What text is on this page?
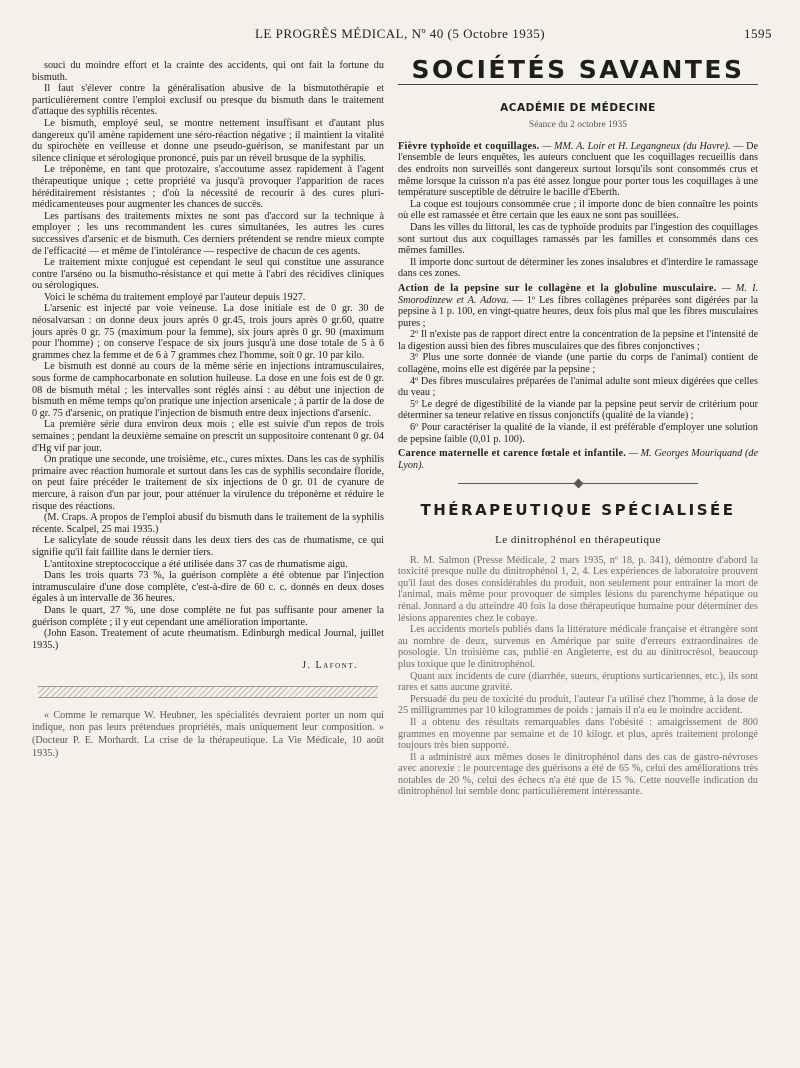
LE PROGRÈS MÉDICAL, Nº 40 (5 Octobre 1935)	1595

souci du moindre effort et la crainte des accidents, qui ont fait la fortune du bismuth.

Il faut s'élever contre la généralisation abusive de la bismutothérapie et particulièrement contre l'emploi exclusif ou presque du bismuth dans le traitement d'attaque des syphilis récentes.

Le bismuth, employé seul, se montre nettement insuffisant et d'autant plus dangereux qu'il amène rapidement une séro-réaction négative ; il maintient la vitalité du spirochète en veilleuse et donne une pseudo-guérison, se manifestant par un silence clinique et sérologique prononcé, puis par un réveil brusque de la syphilis.

Le tréponème, en tant que protozaire, s'accoutume assez rapidement à l'agent thérapeutique unique ; cette propriété va jusqu'à provoquer l'apparition de races héréditairement résistantes ; d'où la nécessité de recourir à des cures pluri-médicamenteuses pour augmenter les chances de succès.

Les partisans des traitements mixtes ne sont pas d'accord sur la technique à employer ; les uns recommandent les cures simultanées, les autres les cures successives d'arsenic et de bismuth. Ces derniers prétendent se rendre mieux compte de l'efficacité — et même de l'intolérance — respective de chacun de ces agents.

Le traitement mixte conjugué est cependant le seul qui constitue une assurance contre l'arséno ou la bismutho-résistance et qui mette à l'abri des récidives cliniques ou sérologiques.

Voici le schéma du traitement employé par l'auteur depuis 1927.

L'arsenic est injecté par voie veineuse. La dose initiale est de 0 gr. 30 de néosalvarsan : on donne deux jours après 0 gr.45, trois jours après 0 gr.60, quatre jours après 0 gr. 75 (maximum pour la femme), six jours après 0 gr. 90 (maximum pour l'homme) ; on conserve l'espace de six jours jusqu'à une dose totale de 5 à 6 grammes chez la femme et de 6 à 7 grammes chez l'homme, soit 0 gr. 10 par kilo.

Le bismuth est donné au cours de la même série en injections intramusculaires, sous forme de camphocarbonate en solution huileuse. La dose en une fois est de 0 gr. 08 de bismuth métal ; les intervalles sont réglés ainsi : au début une injection de bismuth en même temps qu'on pratique une injection arsenicale ; à partir de la dose de 0 gr. 75 d'arsenic, on pratique l'injection de bismuth entre deux injections d'arsenic.

La première série dura environ deux mois ; elle est suivie d'un repos de trois semaines ; pendant la deuxième semaine on prescrit un suppositoire contenant 0 gr. 04 d'Hg vif par jour.

On pratique une seconde, une troisième, etc., cures mixtes. Dans les cas de syphilis primaire avec réaction humorale et surtout dans les cas de syphilis secondaire floride, on peut faire précéder le traitement de six injections de 0 gr. 01 de cyanure de mercure, à raison d'un par jour, pour atténuer la virulence du tréponème et réduire le risque des réactions.

(M. Craps. A propos de l'emploi abusif du bismuth dans le traitement de la syphilis récente. Scalpel, 25 mai 1935.)

Le salicylate de soude réussit dans les deux tiers des cas de rhumatisme, ce qui signifie qu'il fait faillite dans le dernier tiers.

L'antitoxine streptococcique a été utilisée dans 37 cas de rhumatisme aigu.

Dans les trois quarts 73 %, la guérison complète a été obtenue par l'injection intramusculaire d'une dose complète, c'est-à-dire de 60 c. c. donnés en deux doses égales à un intervalle de 36 heures.

Dans le quart, 27 %, une dose complète ne fut pas suffisante pour amener la guérison complète ; il y eut cependant une amélioration importante.

(John Eason. Treatement of acute rheumatism. Edinburgh medical Journal, juillet 1935.)

J. Lafont.

« Comme le remarque W. Heubner, les spécialités devraient porter un nom qui indique, non pas leurs prétendues propriétés, mais uniquement leur composition. » (Docteur P. E. Morhardt. La crise de la thérapeutique. La Vie Médicale, 10 août 1935.)

SOCIÉTÉS SAVANTES
ACADÉMIE DE MÉDECINE
Séance du 2 octobre 1935

Fièvre typhoïde et coquillages. — MM. A. Loir et H. Legangneux (du Havre). — De l'ensemble de leurs enquêtes, les auteurs concluent que les coquillages recueillis dans des endroits non surveillés sont dangereux surtout lorsqu'ils sont consommés crus et même lorsque la cuisson n'a pas été assez longue pour porter tous les coquillages à une température susceptible de détruire le bacille d'Eberth.

La coque est toujours consommée crue ; il importe donc de bien connaître les points où elle est ramassée et être certain que les eaux ne sont pas souillées.

Dans les villes du littoral, les cas de typhoïde produits par l'ingestion des coquillages sont surtout dus aux coquillages ramassés par les familles et consommés dans ces mêmes familles.

Il importe donc surtout de déterminer les zones insalubres et d'interdire le ramassage dans ces zones.

Action de la pepsine sur le collagène et la globuline musculaire. — M. I. Smorodinzew et A. Adova. — 1º Les fibres collagènes préparées sont digérées par la pepsine à 1 p. 100, en vingt-quatre heures, deux fois plus mal que les fibres musculaires pures ;

2º Il n'existe pas de rapport direct entre la concentration de la pepsine et l'intensité de la digestion aussi bien des fibres musculaires que des fibres conjonctives ;

3º Plus une sorte donnée de viande (une partie du corps de l'animal) contient de collagène, moins elle est digérée par la pepsine ;

4º Des fibres musculaires préparées de l'animal adulte sont mieux digérées que celles du veau ;

5º Le degré de digestibilité de la viande par la pepsine peut servir de critérium pour déterminer sa teneur relative en tissus conjonctifs (qualité de la viande) ;

6º Pour caractériser la qualité de la viande, il est préférable d'employer une solution de pepsine faible (0,01 p. 100).

Carence maternelle et carence fœtale et infantile. — M. Georges Mouriquand (de Lyon).

THÉRAPEUTIQUE SPÉCIALISÉE
Le dinitrophénol en thérapeutique

R. M. Salmon (Presse Médicale, 2 mars 1935, nº 18, p. 341), démontre d'abord la toxicité presque nulle du dinitrophénol 1, 2, 4. Les expériences de laboratoire prouvent qu'il faut des doses considérables du produit, non seulement pour entraîner la mort de l'animal, mais même pour provoquer de simples lésions du parenchyme hépatique ou rénal. Jonnard a du atteindre 40 fois la dose thérapeutique humaine pour déterminer des lésions apparentes chez le cobaye.

Les accidents mortels publiés dans la littérature médicale française et étrangère sont au nombre de deux, survenus en Amérique par suite d'erreurs extraordinaires de posologie. Un troisième cas, publié en Angleterre, est du au dinitrocrésol, beaucoup plus toxique que le dinitrophénol.

Quant aux incidents de cure (diarrhée, sueurs, éruptions surticariennes, etc.), ils sont rares et sans aucune gravité.

Persuadé du peu de toxicité du produit, l'auteur l'a utilisé chez l'homme, à la dose de 25 milligrammes par 10 kilogrammes de poids : jamais il n'a eu le moindre accident.

Il a obtenu des résultats remarquables dans l'obésité : amaigrissement de 800 grammes en moyenne par semaine et de 10 kilogr. et plus, après traitement prolongé toujours très bien supporté.

Il a administré aux mêmes doses le dinitrophénol dans des cas de gastro-névroses avec anorexie : le pourcentage des guérisons a été de 65 %, celui des améliorations très notables de 20 %, celui des échecs n'a été que de 15 %. Cette nouvelle indication du dinitrophénol lui semble donc particulièrement intéressante.
